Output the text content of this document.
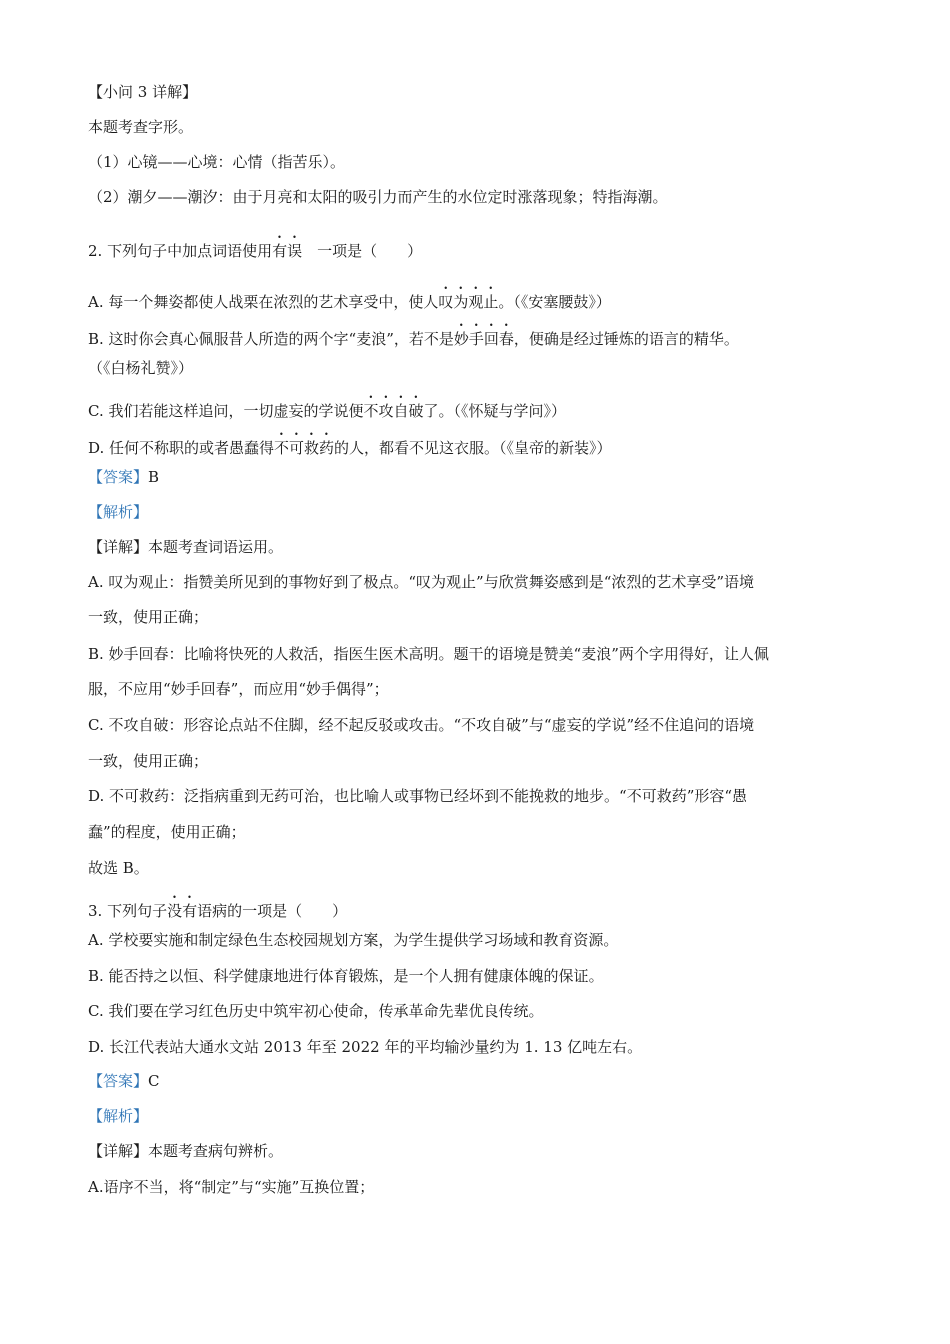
【小问 3 详解】
本题考查字形。
（1）心镜——心境：心情（指苦乐）。
（2）潮夕——潮汐：由于月亮和太阳的吸引力而产生的水位定时涨落现象；特指海潮。
2. 下列句子中加点词语使用有误  一项是（　　）
A. 每一个舞姿都使人战栗在浓烈的艺术享受中，使人叹为观止。（《安塞腰鼓》）
B. 这时你会真心佩服昔人所造的两个字“麦浪”，若不是妙手回春，便确是经过锤炼的语言的精华。
（《白杨礼赞》）
C. 我们若能这样追问，一切虚妄的学说便不攻自破了。（《怀疑与学问》）
D. 任何不称职的或者愚蠢得不可救药的人，都看不见这衣服。（《皇帝的新装》）
【答案】B
【解析】
【详解】本题考查词语运用。
A. 叹为观止：指赞美所见到的事物好到了极点。“叹为观止”与欣赏舞姿感到是“浓烈的艺术享受”语境
一致，使用正确；
B. 妙手回春：比喻将快死的人救活，指医生医术高明。题干的语境是赞美“麦浪”两个字用得好，让人佩
服，不应用“妙手回春”，而应用“妙手偶得”；
C. 不攻自破：形容论点站不住脚，经不起反驳或攻击。“不攻自破”与“虚妄的学说”经不住追问的语境
一致，使用正确；
D. 不可救药：泛指病重到无药可治，也比喻人或事物已经坏到不能挽救的地步。“不可救药”形容“愚
蠢”的程度，使用正确；
故选 B。
3. 下列句子没有语病的一项是（　　）
A. 学校要实施和制定绿色生态校园规划方案，为学生提供学习场域和教育资源。
B. 能否持之以恒、科学健康地进行体育锻炼，是一个人拥有健康体魄的保证。
C. 我们要在学习红色历史中筑牢初心使命，传承革命先辈优良传统。
D. 长江代表站大通水文站 2013 年至 2022 年的平均输沙量约为 1. 13 亿吨左右。
【答案】C
【解析】
【详解】本题考查病句辨析。
A.语序不当，将“制定”与“实施”互换位置；
